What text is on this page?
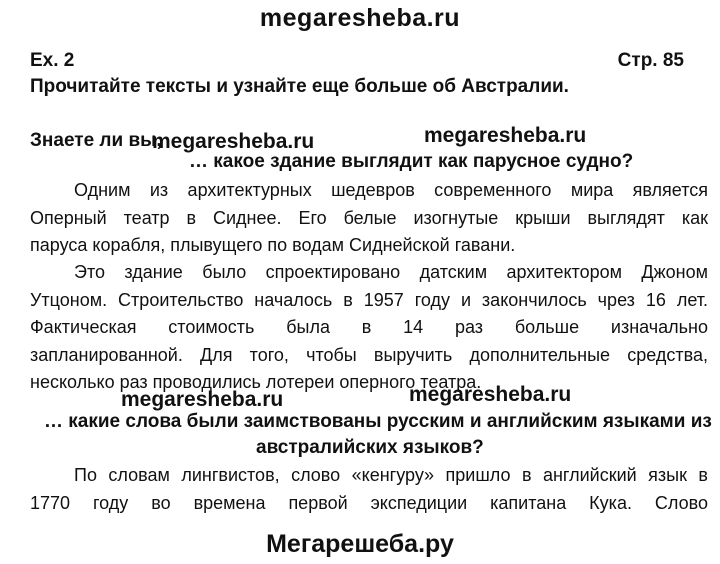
megaresheba.ru
Ex. 2	Стр. 85
Прочитайте тексты и узнайте еще больше об Австралии.
Знаете ли вы,
megaresheba.ru	megaresheba.ru
… какое здание выглядит как парусное судно?
Одним из архитектурных шедевров современного мира является
Оперный театр в Сиднее. Его белые изогнутые крыши выглядят как
паруса корабля, плывущего по водам Сиднейской гавани.
Это здание было спроектировано датским архитектором Джоном
Утцоном. Строительство началось в 1957 году и закончилось чрез 16 лет.
Фактическая стоимость была в 14 раз больше изначально
запланированной. Для того, чтобы выручить дополнительные средства,
несколько раз проводились лотереи оперного театра.
megaresheba.ru	megaresheba.ru
… какие слова были заимствованы русским и английским языками из
австралийских языков?
По словам лингвистов, слово «кенгуру» пришло в английский язык в
1770 году во времена первой экспедиции капитана Кука. Слово
Мегарешеба.ру
